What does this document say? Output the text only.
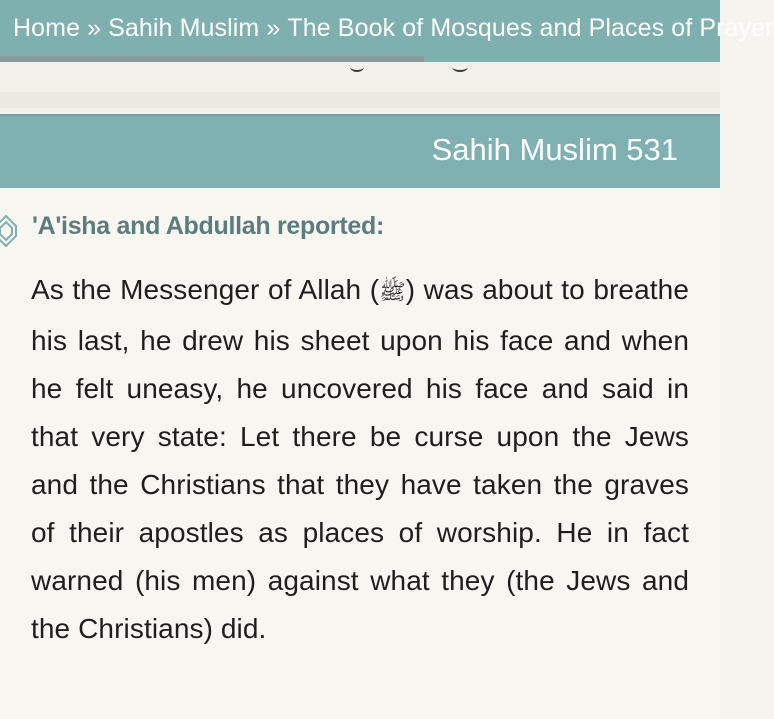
Home » Sahih Muslim » The Book of Mosques and Places of Prayer
Sahih Muslim 531
'A'isha and Abdullah reported:
As the Messenger of Allah (ﷺ) was about to breathe his last, he drew his sheet upon his face and when he felt uneasy, he uncovered his face and said in that very state: Let there be curse upon the Jews and the Christians that they have taken the graves of their apostles as places of worship. He in fact warned (his men) against what they (the Jews and the Christians) did.
